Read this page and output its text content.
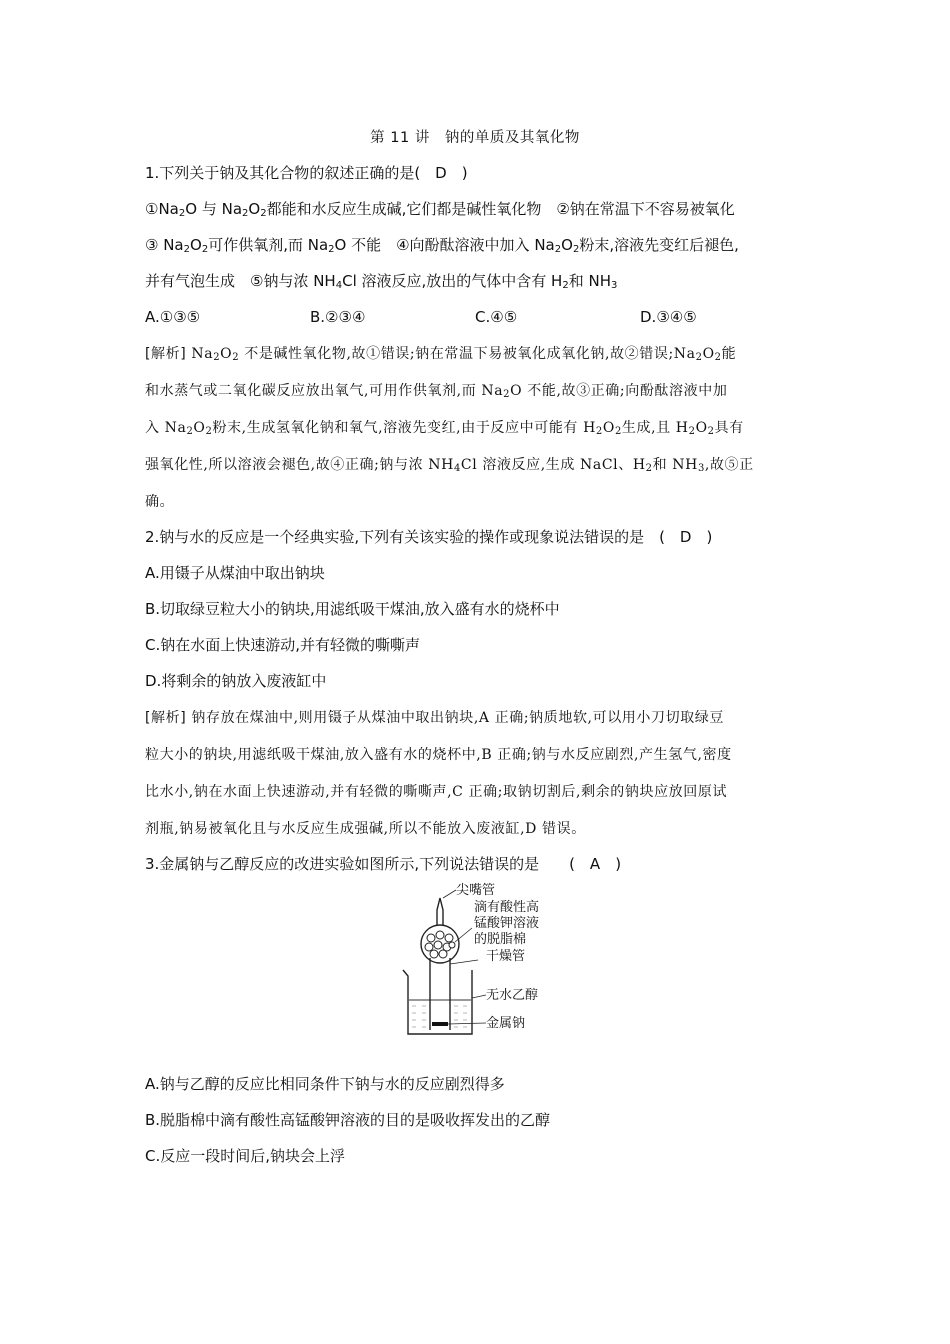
第 11 讲　钠的单质及其氧化物
1.下列关于钠及其化合物的叙述正确的是(　D　)
$①Na_2O$ 与 $Na_2O_2$都能和水反应生成碱,它们都是碱性氧化物　②钠在常温下不容易被氧化
③ $Na_2O_2$可作供氧剂,而 $Na_2O$ 不能　④向酚酞溶液中加入 $Na_2O_2$粉末,溶液先变红后褪色,
并有气泡生成　⑤钠与浓 $NH_4Cl$ 溶液反应,放出的气体中含有 $H_2$和 $NH_3$
A.①③⑤	B.②③④	C.④⑤	D.③④⑤
[解析] $Na_2O_2$ 不是碱性氧化物,故①错误;钠在常温下易被氧化成氧化钠,故②错误$;Na_2O_2$能
和水蒸气或二氧化碳反应放出氧气,可用作供氧剂,而 $Na_2O$ 不能,故③正确;向酚酞溶液中加
入 $Na_2O_2$粉末,生成氢氧化钠和氧气,溶液先变红,由于反应中可能有 $H_2O_2$生成,且 $H_2O_2$具有
强氧化性,所以溶液会褪色,故④正确;钠与浓 $NH_4Cl$ 溶液反应,生成 NaCl、$H_2$和 $NH_3$,故⑤正
确。
2.钠与水的反应是一个经典实验,下列有关该实验的操作或现象说法错误的是　(　D　)
A.用镊子从煤油中取出钠块
B.切取绿豆粒大小的钠块,用滤纸吸干煤油,放入盛有水的烧杯中
C.钠在水面上快速游动,并有轻微的嘶嘶声
D.将剩余的钠放入废液缸中
[解析] 钠存放在煤油中,则用镊子从煤油中取出钠块,A 正确;钠质地软,可以用小刀切取绿豆
粒大小的钠块,用滤纸吸干煤油,放入盛有水的烧杯中,B 正确;钠与水反应剧烈,产生氢气,密度
比水小,钠在水面上快速游动,并有轻微的嘶嘶声,C 正确;取钠切割后,剩余的钠块应放回原试
剂瓶,钠易被氧化且与水反应生成强碱,所以不能放入废液缸,D 错误。
3.金属钠与乙醇反应的改进实验如图所示,下列说法错误的是　　(　A　)
尖嘴管
滴有酸性高
锰酸钾溶液
的脱脂棉
干燥管
无水乙醇
金属钠
A.钠与乙醇的反应比相同条件下钠与水的反应剧烈得多
B.脱脂棉中滴有酸性高锰酸钾溶液的目的是吸收挥发出的乙醇
C.反应一段时间后,钠块会上浮
